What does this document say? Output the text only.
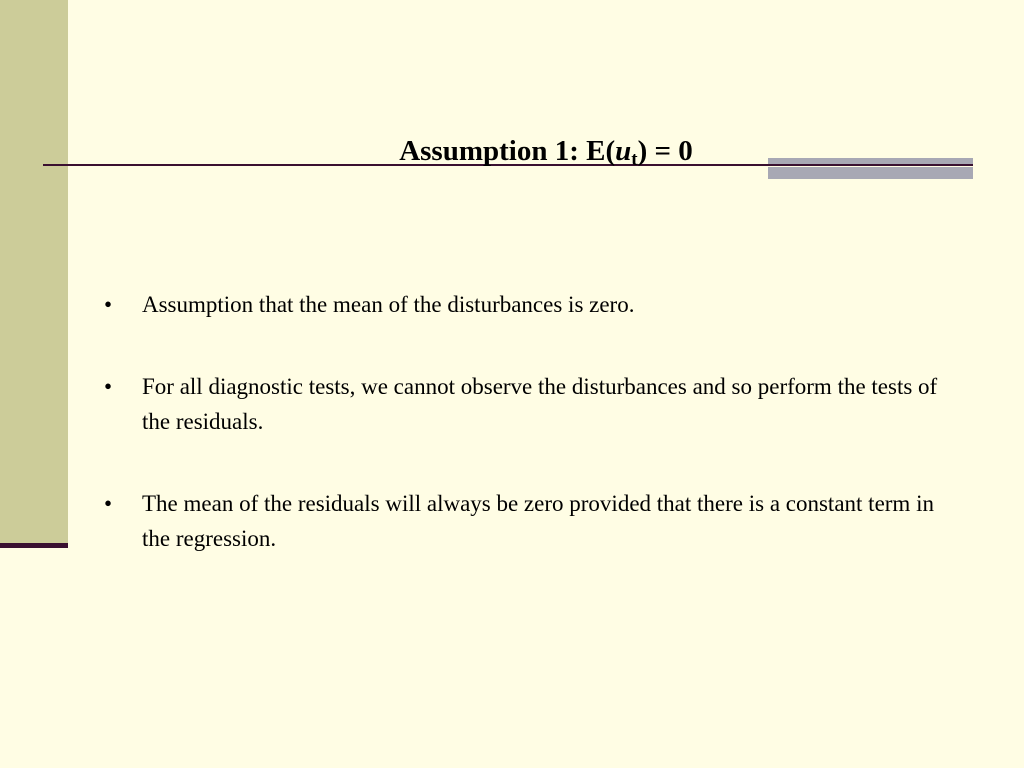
Assumption 1: $E(u_t) = 0$
• Assumption that the mean of the disturbances is zero.
• For all diagnostic tests, we cannot observe the disturbances and so perform the tests of the residuals.
• The mean of the residuals will always be zero provided that there is a constant term in the regression.
